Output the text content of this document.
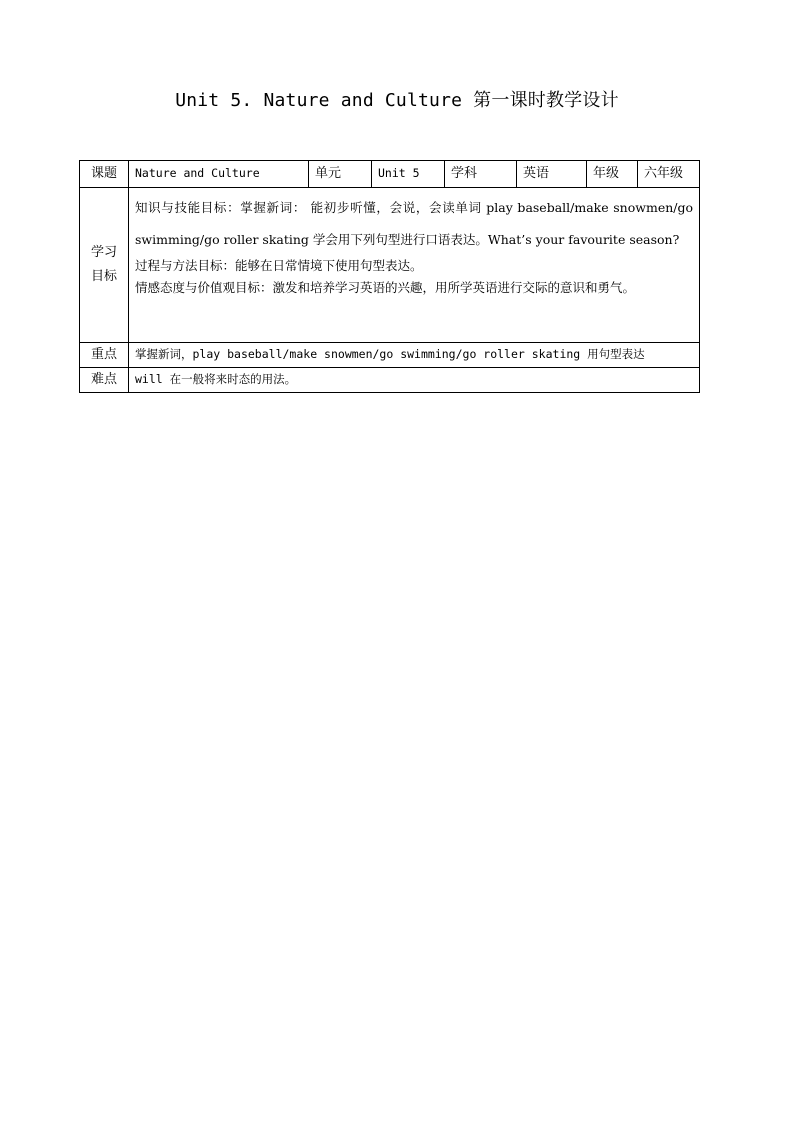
Unit 5. Nature and Culture 第一课时教学设计
课题	Nature and Culture	单元	Unit 5	学科	英语	年级	六年级
学习
目标	知识与技能目标：掌握新词： 能初步听懂，会说，会读单词 play baseball/make snowmen/go swimming/go roller skating 学会用下列句型进行口语表达。What’s your favourite season?
过程与方法目标：能够在日常情境下使用句型表达。
情感态度与价值观目标：激发和培养学习英语的兴趣，用所学英语进行交际的意识和勇气。						

重点	掌握新词，play baseball/make snowmen/go swimming/go roller skating 用句型表达						
难点	will 在一般将来时态的用法。						
